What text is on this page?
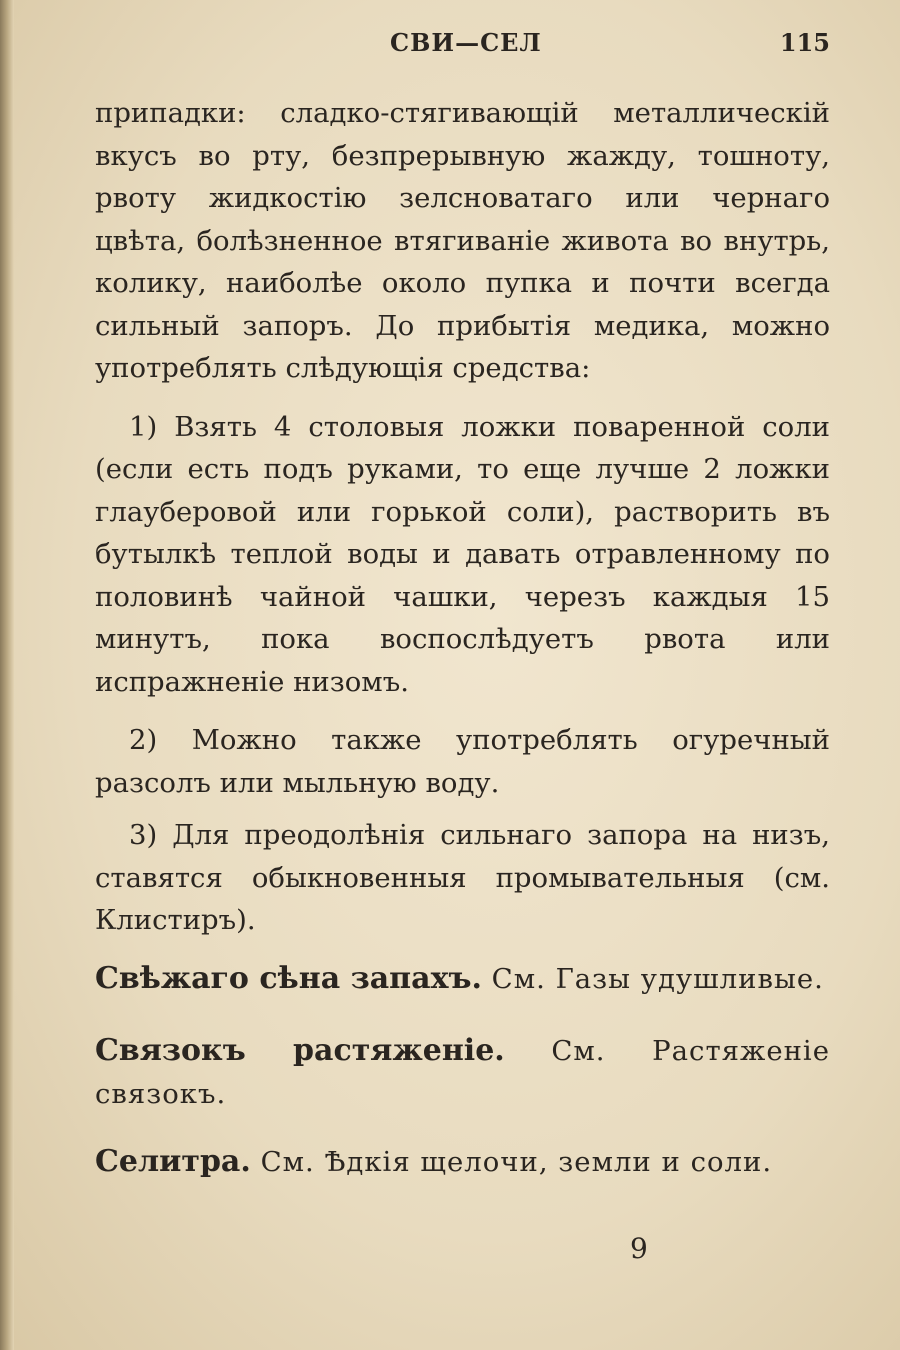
СВИ—СЕЛ	115

припадки: сладко-стягивающій металлическій вкусъ во рту, безпрерывную жажду, тошноту, рвоту жидкостію зелсноватаго или чернаго цвѣта, болѣзненное втягиваніе живота во внутрь, колику, наиболѣе около пупка и почти всегда сильный запоръ. До прибытія медика, можно употреблять слѣдующія средства:

1) Взять 4 столовыя ложки поваренной соли (если есть подъ руками, то еще лучше 2 ложки глауберовой или горькой соли), растворить въ бутылкѣ теплой воды и давать отравленному по половинѣ чайной чашки, черезъ каждыя 15 минутъ, пока воспослѣдуетъ рвота или испражненіе низомъ.

2) Можно также употреблять огуречный разсолъ или мыльную воду.

3) Для преодолѣнія сильнаго запора на низъ, ставятся обыкновенныя промывательныя (см. Клистиръ).

Свѣжаго сѣна запахъ. См. Газы удушливые.

Связокъ растяженіе. См. Растяженіе связокъ.

Селитра. См. Ѣдкія щелочи, земли и соли.

9
